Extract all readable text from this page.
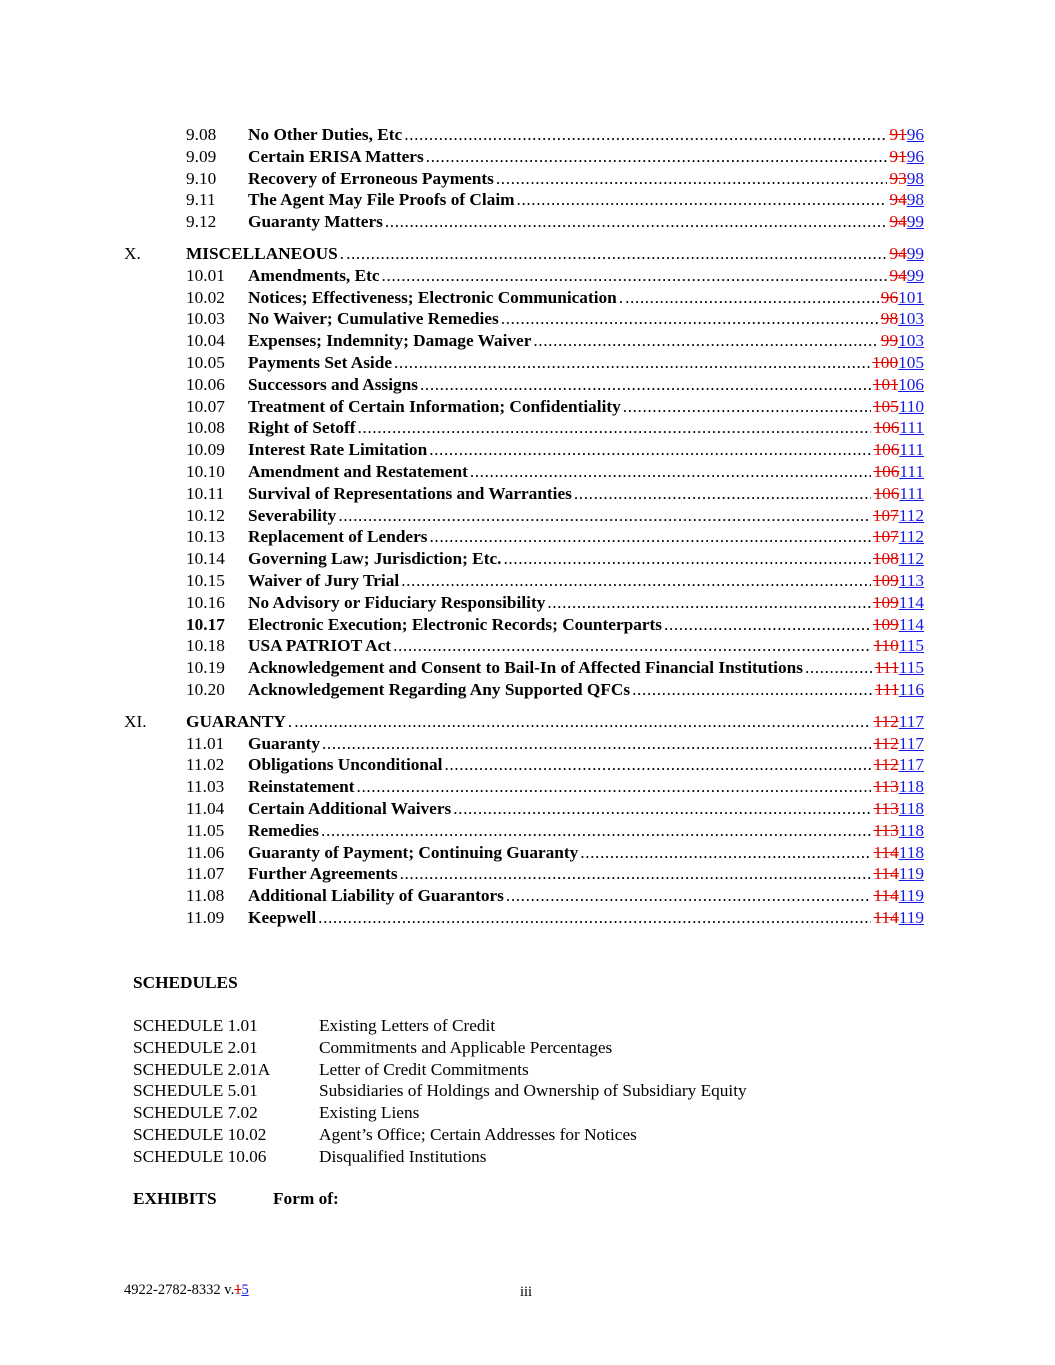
9.08 No Other Duties, Etc .....	9196
9.09 Certain ERISA Matters .....	9196
9.10 Recovery of Erroneous Payments .....	9398
9.11 The Agent May File Proofs of Claim .....	9498
9.12 Guaranty Matters .....	9499
X.	MISCELLANEOUS . .....	9499
10.01 Amendments, Etc .....	9499
10.02 Notices; Effectiveness; Electronic Communication . .....	96101
10.03 No Waiver; Cumulative Remedies .....	98103
10.04 Expenses; Indemnity; Damage Waiver .....	99103
10.05 Payments Set Aside .....	100105
10.06 Successors and Assigns .....	101106
10.07 Treatment of Certain Information; Confidentiality .....	105110
10.08 Right of Setoff .....	106111
10.09 Interest Rate Limitation .....	106111
10.10 Amendment and Restatement .....	106111
10.11 Survival of Representations and Warranties .....	106111
10.12 Severability .....	107112
10.13 Replacement of Lenders .....	107112
10.14 Governing Law; Jurisdiction; Etc. .....	108112
10.15 Waiver of Jury Trial .....	109113
10.16 No Advisory or Fiduciary Responsibility .....	109114
10.17 Electronic Execution; Electronic Records; Counterparts .....	109114
10.18 USA PATRIOT Act .....	110115
10.19 Acknowledgement and Consent to Bail-In of Affected Financial Institutions .....	111115
10.20 Acknowledgement Regarding Any Supported QFCs .....	111116
XI. GUARANTY . .....	112117
11.01 Guaranty .....	112117
11.02 Obligations Unconditional .....	112117
11.03 Reinstatement .....	113118
11.04 Certain Additional Waivers .....	113118
11.05 Remedies .....	113118
11.06 Guaranty of Payment; Continuing Guaranty .....	114118
11.07 Further Agreements .....	114119
11.08 Additional Liability of Guarantors .....	114119
11.09 Keepwell .....	114119
SCHEDULES
SCHEDULE 1.01	Existing Letters of Credit
SCHEDULE 2.01	Commitments and Applicable Percentages
SCHEDULE 2.01A	Letter of Credit Commitments
SCHEDULE 5.01	Subsidiaries of Holdings and Ownership of Subsidiary Equity
SCHEDULE 7.02	Existing Liens
SCHEDULE 10.02	Agent’s Office; Certain Addresses for Notices
SCHEDULE 10.06	Disqualified Institutions
EXHIBITS	Form of:
4922-2782-8332 v.15	iii
